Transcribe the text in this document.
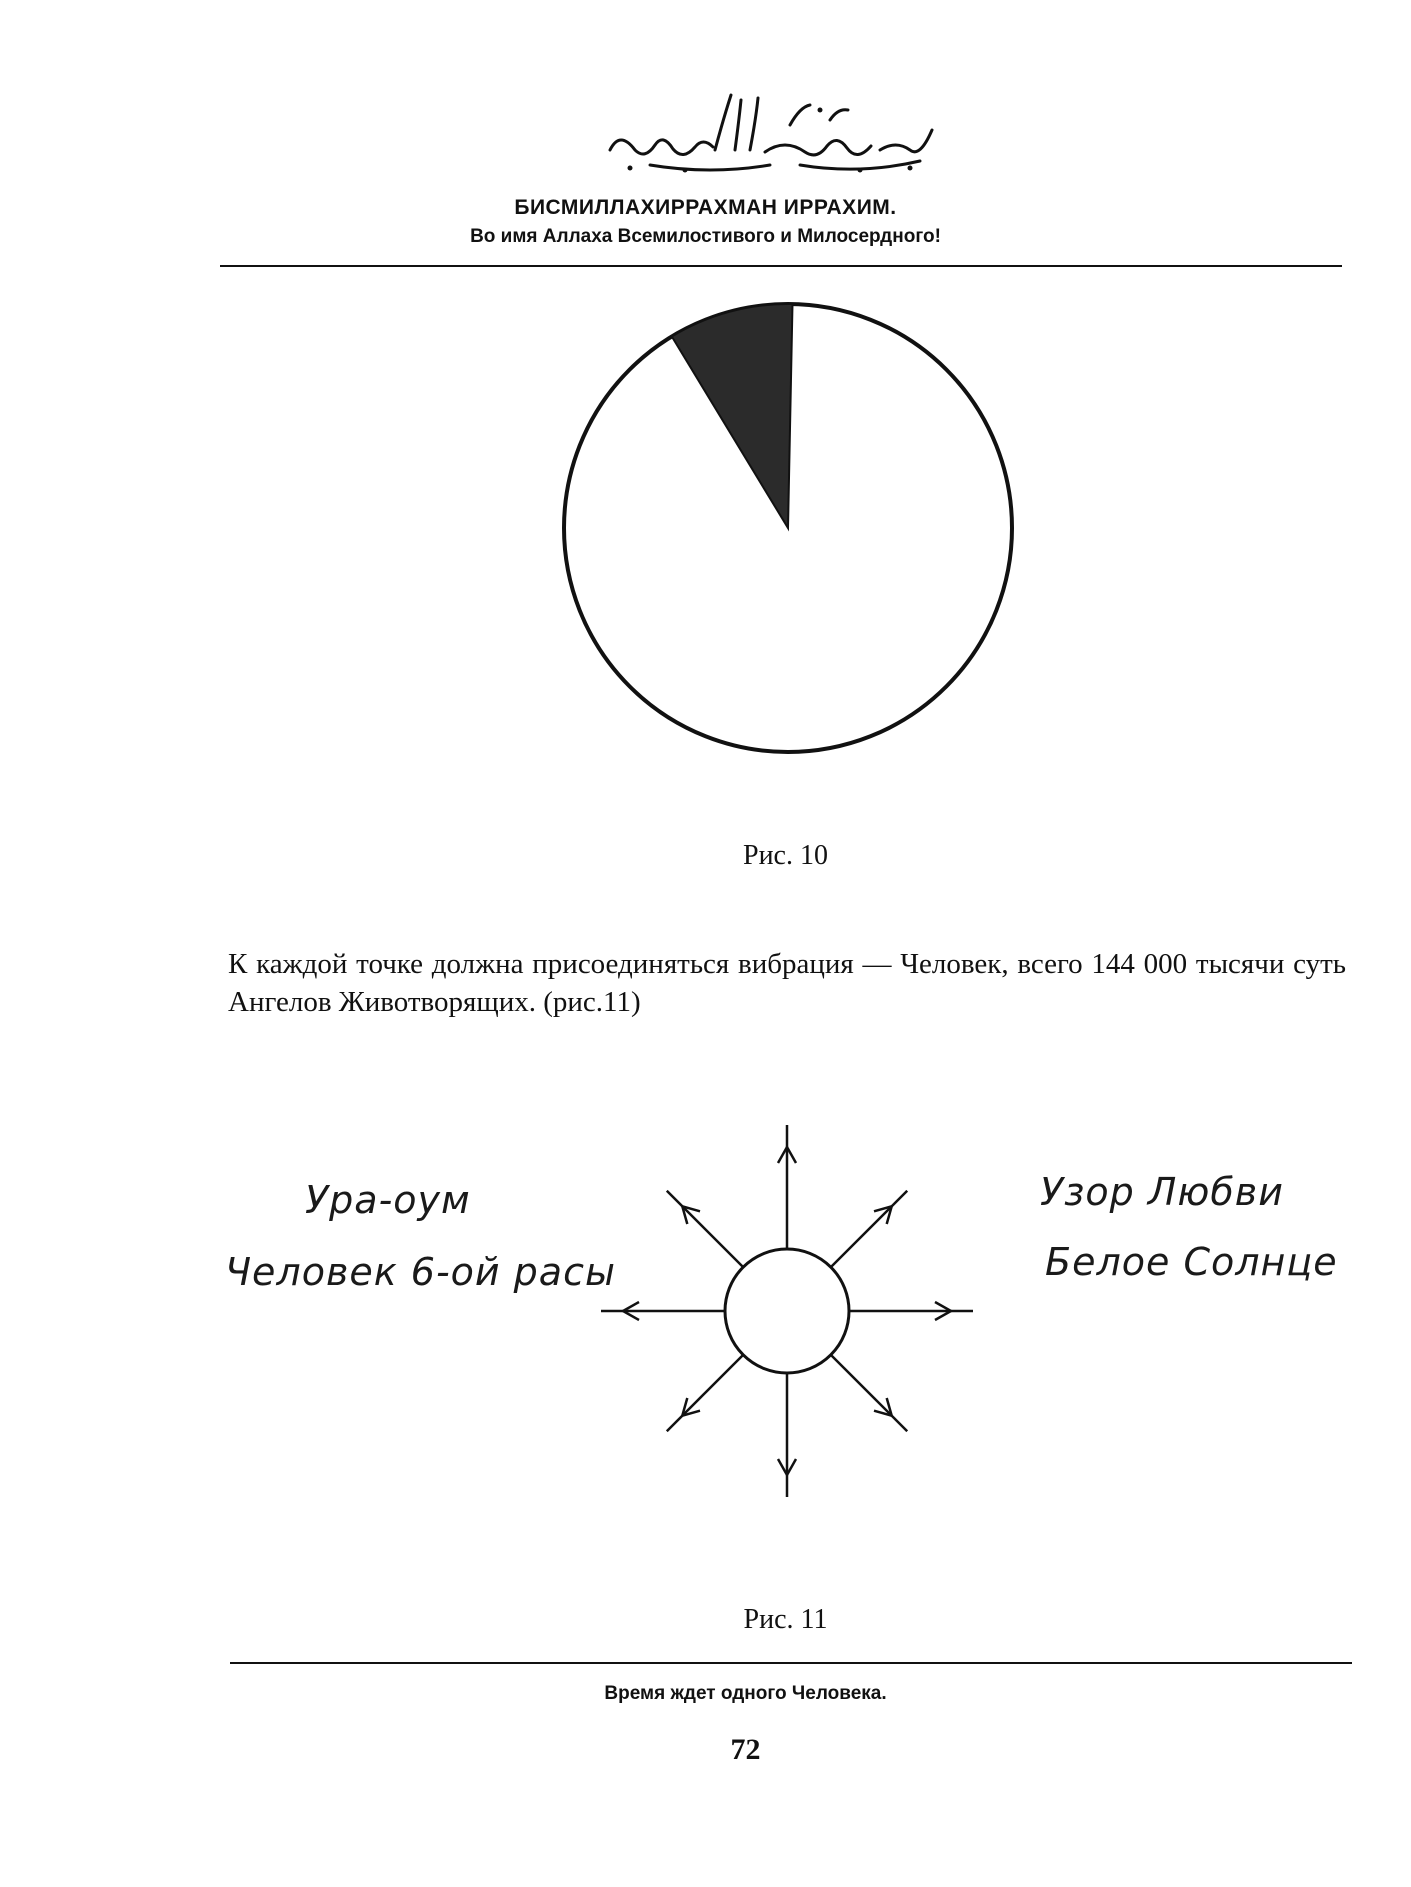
БИСМИЛЛАХИРРАХМАН ИРРАХИМ.
Во имя Аллаха Всемилостивого и Милосердного!
Рис. 10
К каждой точке должна присоединяться вибрация — Человек, всего 144 000 тысячи суть Ангелов Животворящих. (рис.11)
Ура-оум
Человек 6-ой расы
Узор Любви
Белое Солнце
Рис. 11
Время ждет одного Человека.
72
